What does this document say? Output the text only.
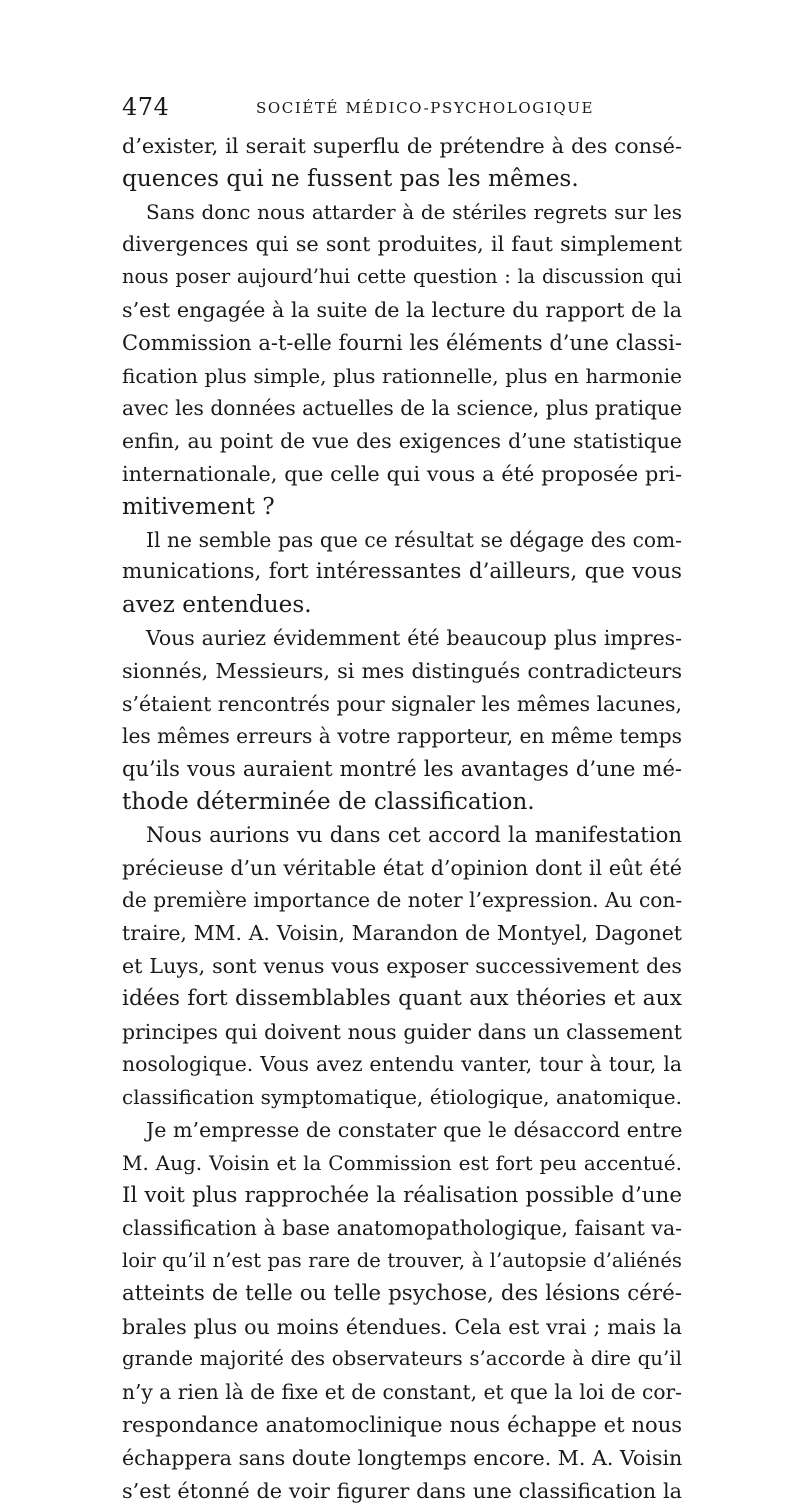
474	SOCIÉTÉ MÉDICO-PSYCHOLOGIQUE
d’exister, il serait superflu de prétendre à des consé-
quences qui ne fussent pas les mêmes.
Sans donc nous attarder à de stériles regrets sur les
divergences qui se sont produites, il faut simplement
nous poser aujourd’hui cette question : la discussion qui
s’est engagée à la suite de la lecture du rapport de la
Commission a-t-elle fourni les éléments d’une classi-
fication plus simple, plus rationnelle, plus en harmonie
avec les données actuelles de la science, plus pratique
enfin, au point de vue des exigences d’une statistique
internationale, que celle qui vous a été proposée pri-
mitivement ?
Il ne semble pas que ce résultat se dégage des com-
munications, fort intéressantes d’ailleurs, que vous
avez entendues.
Vous auriez évidemment été beaucoup plus impres-
sionnés, Messieurs, si mes distingués contradicteurs
s’étaient rencontrés pour signaler les mêmes lacunes,
les mêmes erreurs à votre rapporteur, en même temps
qu’ils vous auraient montré les avantages d’une mé-
thode déterminée de classification.
Nous aurions vu dans cet accord la manifestation
précieuse d’un véritable état d’opinion dont il eût été
de première importance de noter l’expression. Au con-
traire, MM. A. Voisin, Marandon de Montyel, Dagonet
et Luys, sont venus vous exposer successivement des
idées fort dissemblables quant aux théories et aux
principes qui doivent nous guider dans un classement
nosologique. Vous avez entendu vanter, tour à tour, la
classification symptomatique, étiologique, anatomique.
Je m’empresse de constater que le désaccord entre
M. Aug. Voisin et la Commission est fort peu accentué.
Il voit plus rapprochée la réalisation possible d’une
classification à base anatomopathologique, faisant va-
loir qu’il n’est pas rare de trouver, à l’autopsie d’aliénés
atteints de telle ou telle psychose, des lésions céré-
brales plus ou moins étendues. Cela est vrai ; mais la
grande majorité des observateurs s’accorde à dire qu’il
n’y a rien là de fixe et de constant, et que la loi de cor-
respondance anatomoclinique nous échappe et nous
échappera sans doute longtemps encore. M. A. Voisin
s’est étonné de voir figurer dans une classification la
